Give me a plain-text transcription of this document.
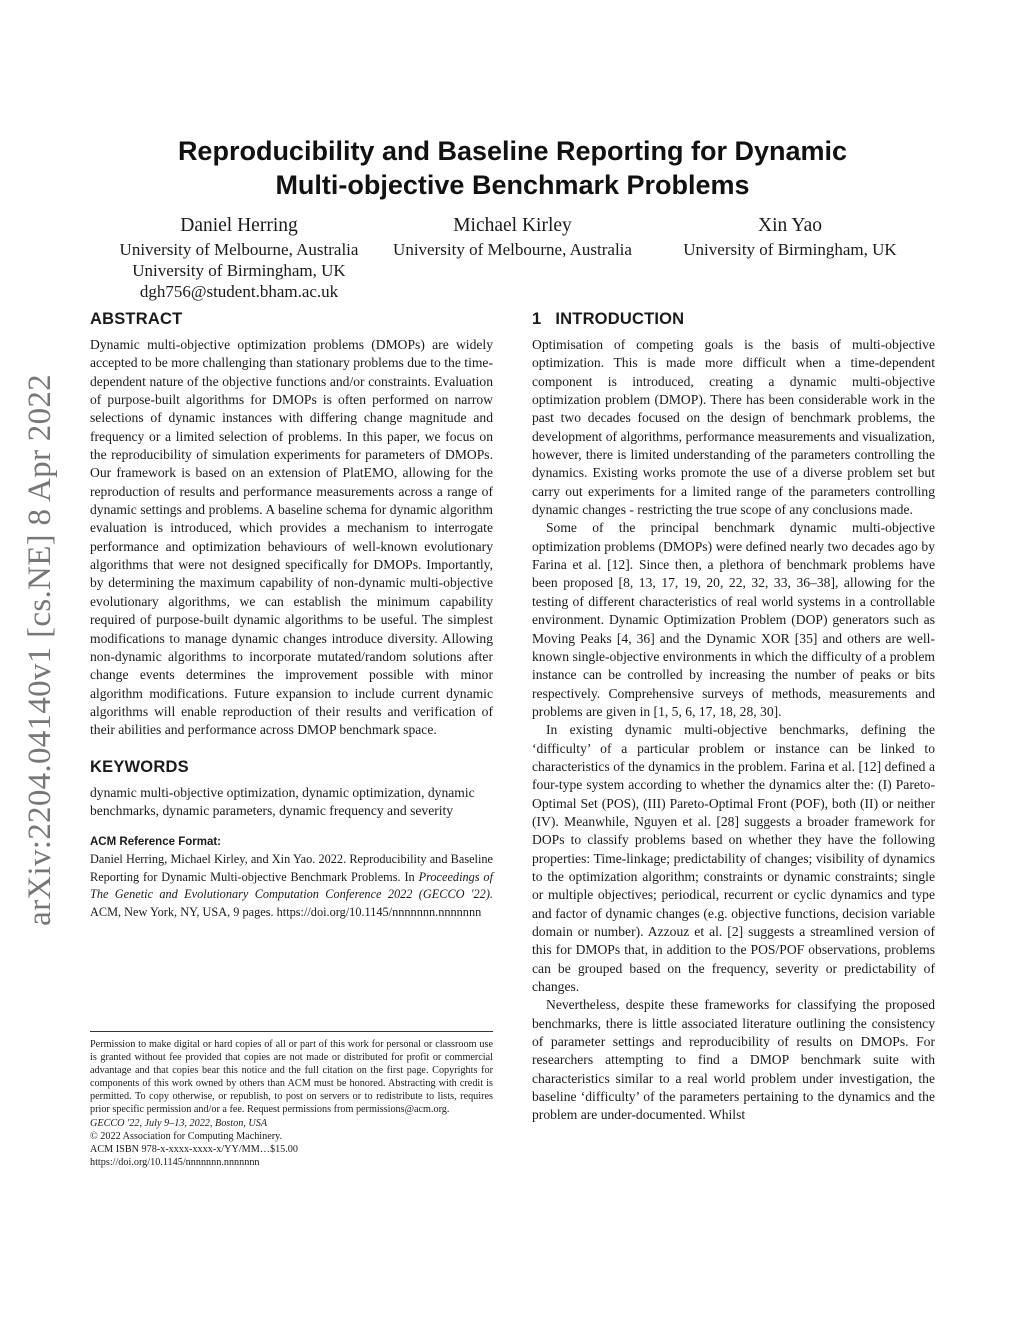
arXiv:2204.04140v1 [cs.NE] 8 Apr 2022
Reproducibility and Baseline Reporting for Dynamic
Multi-objective Benchmark Problems
Daniel Herring
University of Melbourne, Australia
University of Birmingham, UK
dgh756@student.bham.ac.uk
Michael Kirley
University of Melbourne, Australia
Xin Yao
University of Birmingham, UK
ABSTRACT

Dynamic multi-objective optimization problems (DMOPs) are widely accepted to be more challenging than stationary problems due to the time-dependent nature of the objective functions and/or constraints. Evaluation of purpose-built algorithms for DMOPs is often performed on narrow selections of dynamic instances with differing change magnitude and frequency or a limited selection of problems. In this paper, we focus on the reproducibility of simulation experiments for parameters of DMOPs. Our framework is based on an extension of PlatEMO, allowing for the reproduction of results and performance measurements across a range of dynamic settings and problems. A baseline schema for dynamic algorithm evaluation is introduced, which provides a mechanism to interrogate performance and optimization behaviours of well-known evolutionary algorithms that were not designed specifically for DMOPs. Importantly, by determining the maximum capability of non-dynamic multi-objective evolutionary algorithms, we can establish the minimum capability required of purpose-built dynamic algorithms to be useful. The simplest modifications to manage dynamic changes introduce diversity. Allowing non-dynamic algorithms to incorporate mutated/random solutions after change events determines the improvement possible with minor algorithm modifications. Future expansion to include current dynamic algorithms will enable reproduction of their results and verification of their abilities and performance across DMOP benchmark space.

KEYWORDS

dynamic multi-objective optimization, dynamic optimization, dynamic benchmarks, dynamic parameters, dynamic frequency and severity

ACM Reference Format:

Daniel Herring, Michael Kirley, and Xin Yao. 2022. Reproducibility and Baseline Reporting for Dynamic Multi-objective Benchmark Problems. In Proceedings of The Genetic and Evolutionary Computation Conference 2022 (GECCO '22). ACM, New York, NY, USA, 9 pages. https://doi.org/10.1145/nnnnnnn.nnnnnnn

Permission to make digital or hard copies of all or part of this work for personal or classroom use is granted without fee provided that copies are not made or distributed for profit or commercial advantage and that copies bear this notice and the full citation on the first page. Copyrights for components of this work owned by others than ACM must be honored. Abstracting with credit is permitted. To copy otherwise, or republish, to post on servers or to redistribute to lists, requires prior specific permission and/or a fee. Request permissions from permissions@acm.org.

GECCO '22, July 9–13, 2022, Boston, USA
© 2022 Association for Computing Machinery.
ACM ISBN 978-x-xxxx-xxxx-x/YY/MM…$15.00
https://doi.org/10.1145/nnnnnnn.nnnnnnn
1 INTRODUCTION

Optimisation of competing goals is the basis of multi-objective optimization. This is made more difficult when a time-dependent component is introduced, creating a dynamic multi-objective optimization problem (DMOP). There has been considerable work in the past two decades focused on the design of benchmark problems, the development of algorithms, performance measurements and visualization, however, there is limited understanding of the parameters controlling the dynamics. Existing works promote the use of a diverse problem set but carry out experiments for a limited range of the parameters controlling dynamic changes - restricting the true scope of any conclusions made.

Some of the principal benchmark dynamic multi-objective optimization problems (DMOPs) were defined nearly two decades ago by Farina et al. [12]. Since then, a plethora of benchmark problems have been proposed [8, 13, 17, 19, 20, 22, 32, 33, 36–38], allowing for the testing of different characteristics of real world systems in a controllable environment. Dynamic Optimization Problem (DOP) generators such as Moving Peaks [4, 36] and the Dynamic XOR [35] and others are well-known single-objective environments in which the difficulty of a problem instance can be controlled by increasing the number of peaks or bits respectively. Comprehensive surveys of methods, measurements and problems are given in [1, 5, 6, 17, 18, 28, 30].

In existing dynamic multi-objective benchmarks, defining the ‘difficulty’ of a particular problem or instance can be linked to characteristics of the dynamics in the problem. Farina et al. [12] defined a four-type system according to whether the dynamics alter the: (I) Pareto-Optimal Set (POS), (III) Pareto-Optimal Front (POF), both (II) or neither (IV). Meanwhile, Nguyen et al. [28] suggests a broader framework for DOPs to classify problems based on whether they have the following properties: Time-linkage; predictability of changes; visibility of dynamics to the optimization algorithm; constraints or dynamic constraints; single or multiple objectives; periodical, recurrent or cyclic dynamics and type and factor of dynamic changes (e.g. objective functions, decision variable domain or number). Azzouz et al. [2] suggests a streamlined version of this for DMOPs that, in addition to the POS/POF observations, problems can be grouped based on the frequency, severity or predictability of changes.

Nevertheless, despite these frameworks for classifying the proposed benchmarks, there is little associated literature outlining the consistency of parameter settings and reproducibility of results on DMOPs. For researchers attempting to find a DMOP benchmark suite with characteristics similar to a real world problem under investigation, the baseline ‘difficulty’ of the parameters pertaining to the dynamics and the problem are under-documented. Whilst
